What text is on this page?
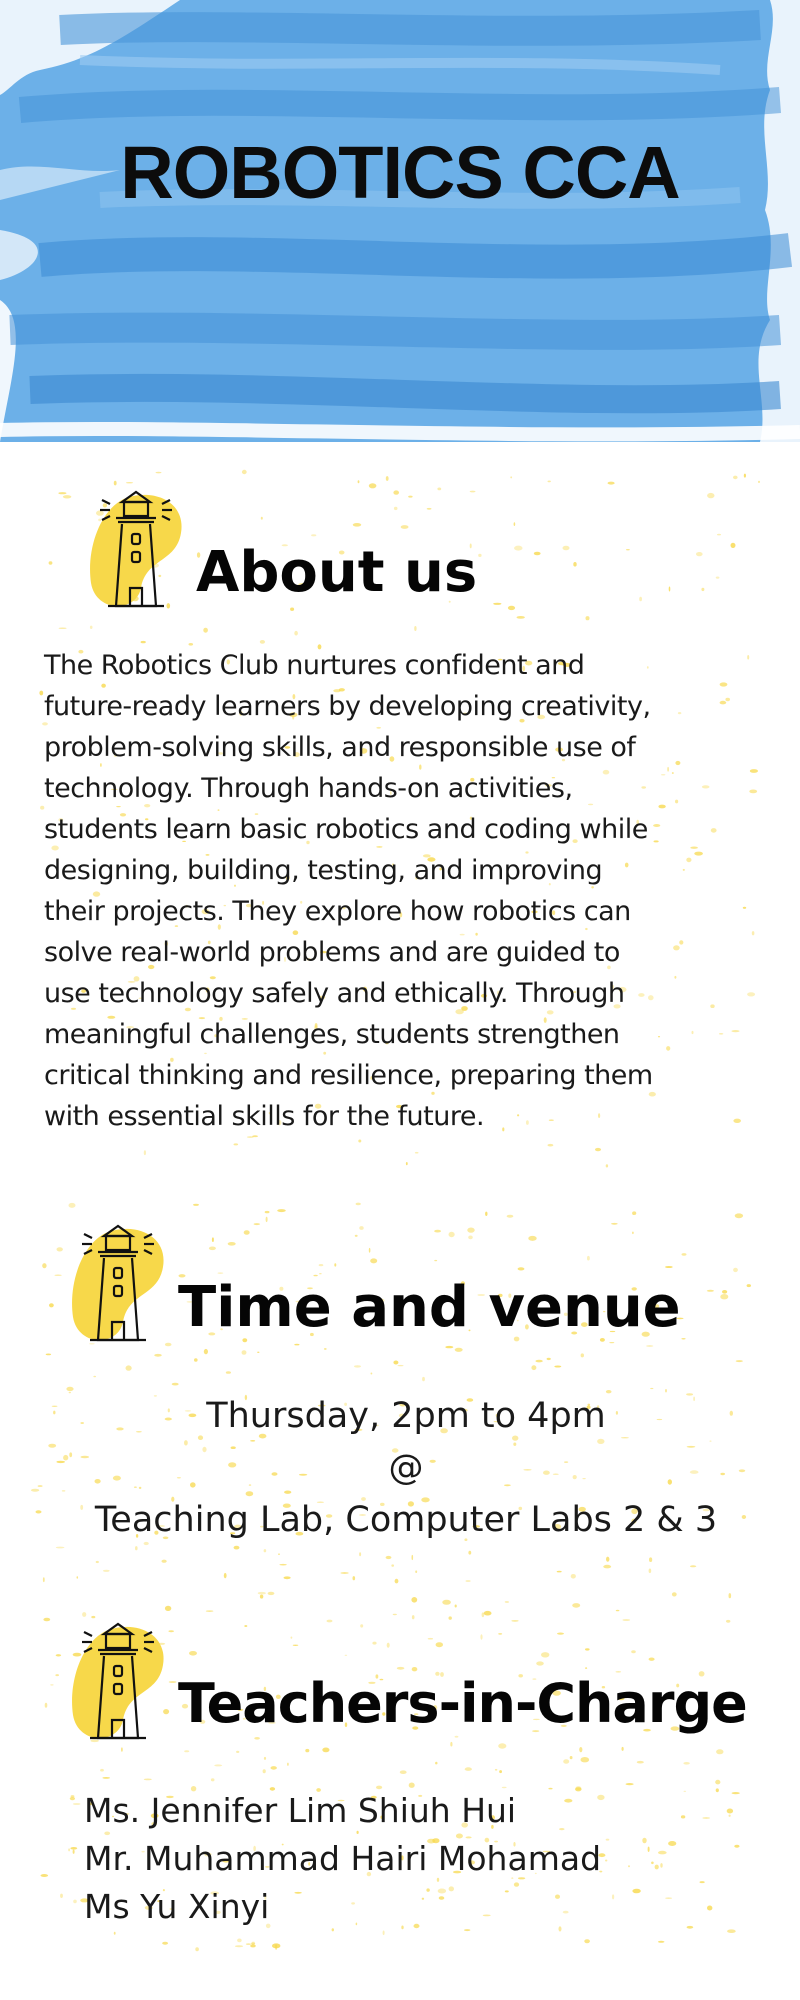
ROBOTICS CCA
About us

The Robotics Club nurtures confident and

future-ready learners by developing creativity,

problem-solving skills, and responsible use of

technology. Through hands-on activities,

students learn basic robotics and coding while

designing, building, testing, and improving

their projects. They explore how robotics can

solve real-world problems and are guided to

use technology safely and ethically. Through

meaningful challenges, students strengthen

critical thinking and resilience, preparing them

with essential skills for the future.

Time and venue
Thursday, 2pm to 4pm
@
Teaching Lab, Computer Labs 2 & 3
Teachers-in-Charge
Ms. Jennifer Lim Shiuh Hui
Mr. Muhammad Hairi Mohamad
Ms Yu Xinyi
